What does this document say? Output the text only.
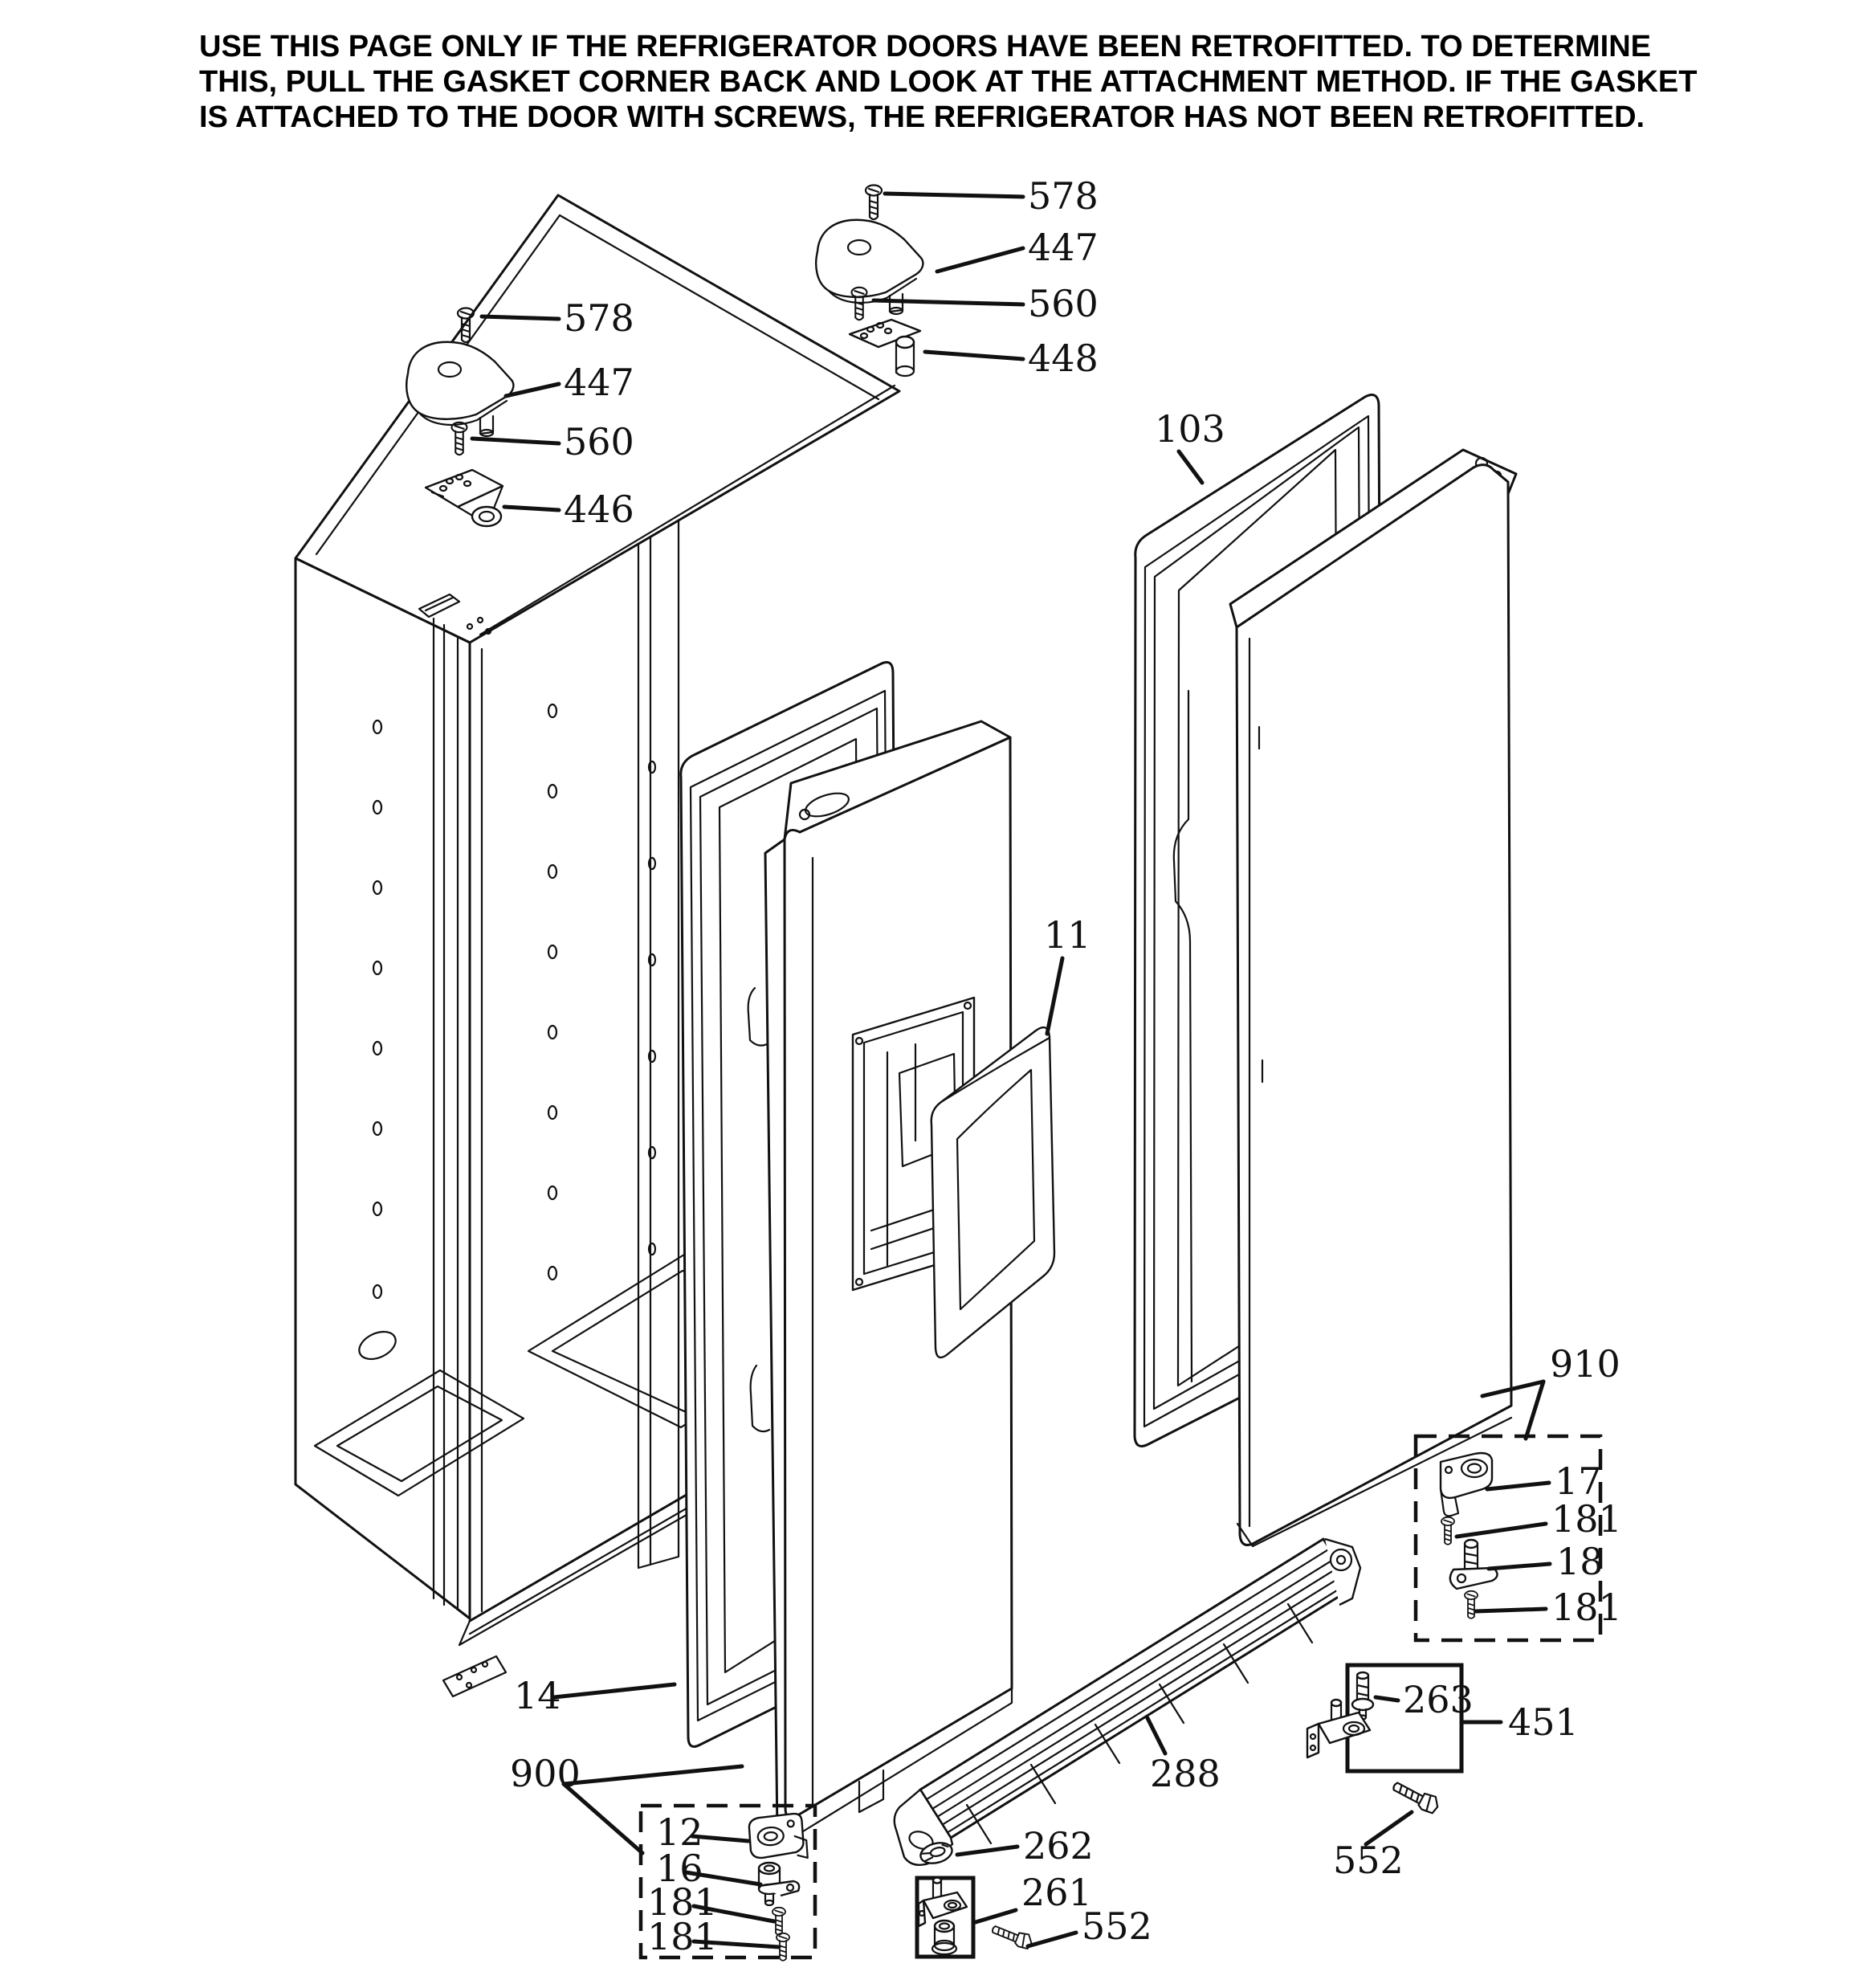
USE THIS PAGE ONLY IF THE REFRIGERATOR DOORS HAVE BEEN RETROFITTED. TO DETERMINE
THIS, PULL THE GASKET CORNER BACK AND LOOK AT THE ATTACHMENT METHOD. IF THE GASKET
IS ATTACHED TO THE DOOR WITH SCREWS, THE REFRIGERATOR HAS NOT BEEN RETROFITTED.
578
447
560
446
578
447
560
448
103
11
910
17
181
18
181
263
451
288
552
14
900
12
16
181
181
262
261
552
